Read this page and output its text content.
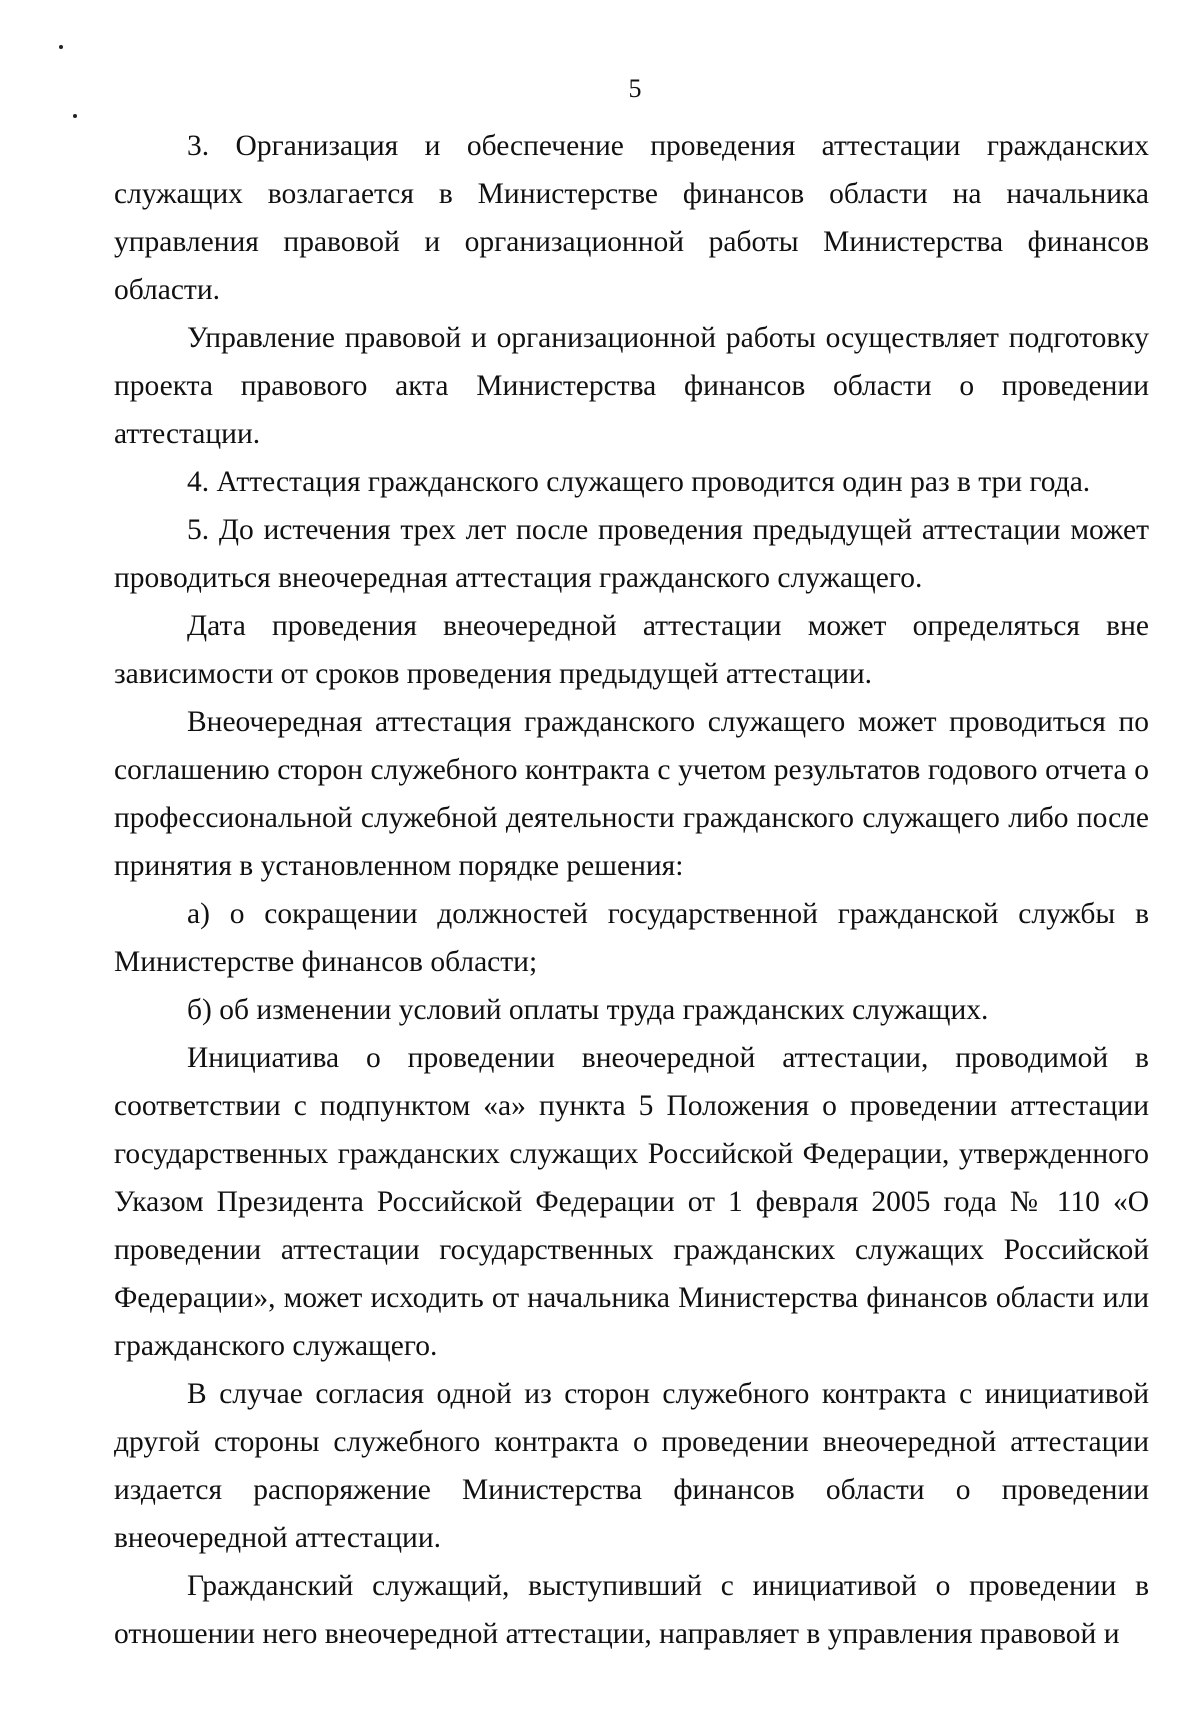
5

3. Организация и обеспечение проведения аттестации гражданских служащих возлагается в Министерстве финансов области на начальника управления правовой и организационной работы Министерства финансов области.

Управление правовой и организационной работы осуществляет подготовку проекта правового акта Министерства финансов области о проведении аттестации.

4. Аттестация гражданского служащего проводится один раз в три года.

5. До истечения трех лет после проведения предыдущей аттестации может проводиться внеочередная аттестация гражданского служащего.

Дата проведения внеочередной аттестации может определяться вне зависимости от сроков проведения предыдущей аттестации.

Внеочередная аттестация гражданского служащего может проводиться по соглашению сторон служебного контракта с учетом результатов годового отчета о профессиональной служебной деятельности гражданского служащего либо после принятия в установленном порядке решения:

а) о сокращении должностей государственной гражданской службы в Министерстве финансов области;

б) об изменении условий оплаты труда гражданских служащих.

Инициатива о проведении внеочередной аттестации, проводимой в соответствии с подпунктом «а» пункта 5 Положения о проведении аттестации государственных гражданских служащих Российской Федерации, утвержденного Указом Президента Российской Федерации от 1 февраля 2005 года № 110 «О проведении аттестации государственных гражданских служащих Российской Федерации», может исходить от начальника Министерства финансов области или гражданского служащего.

В случае согласия одной из сторон служебного контракта с инициативой другой стороны служебного контракта о проведении внеочередной аттестации издается распоряжение Министерства финансов области о проведении внеочередной аттестации.

Гражданский служащий, выступивший с инициативой о проведении в отношении него внеочередной аттестации, направляет в управления правовой и
